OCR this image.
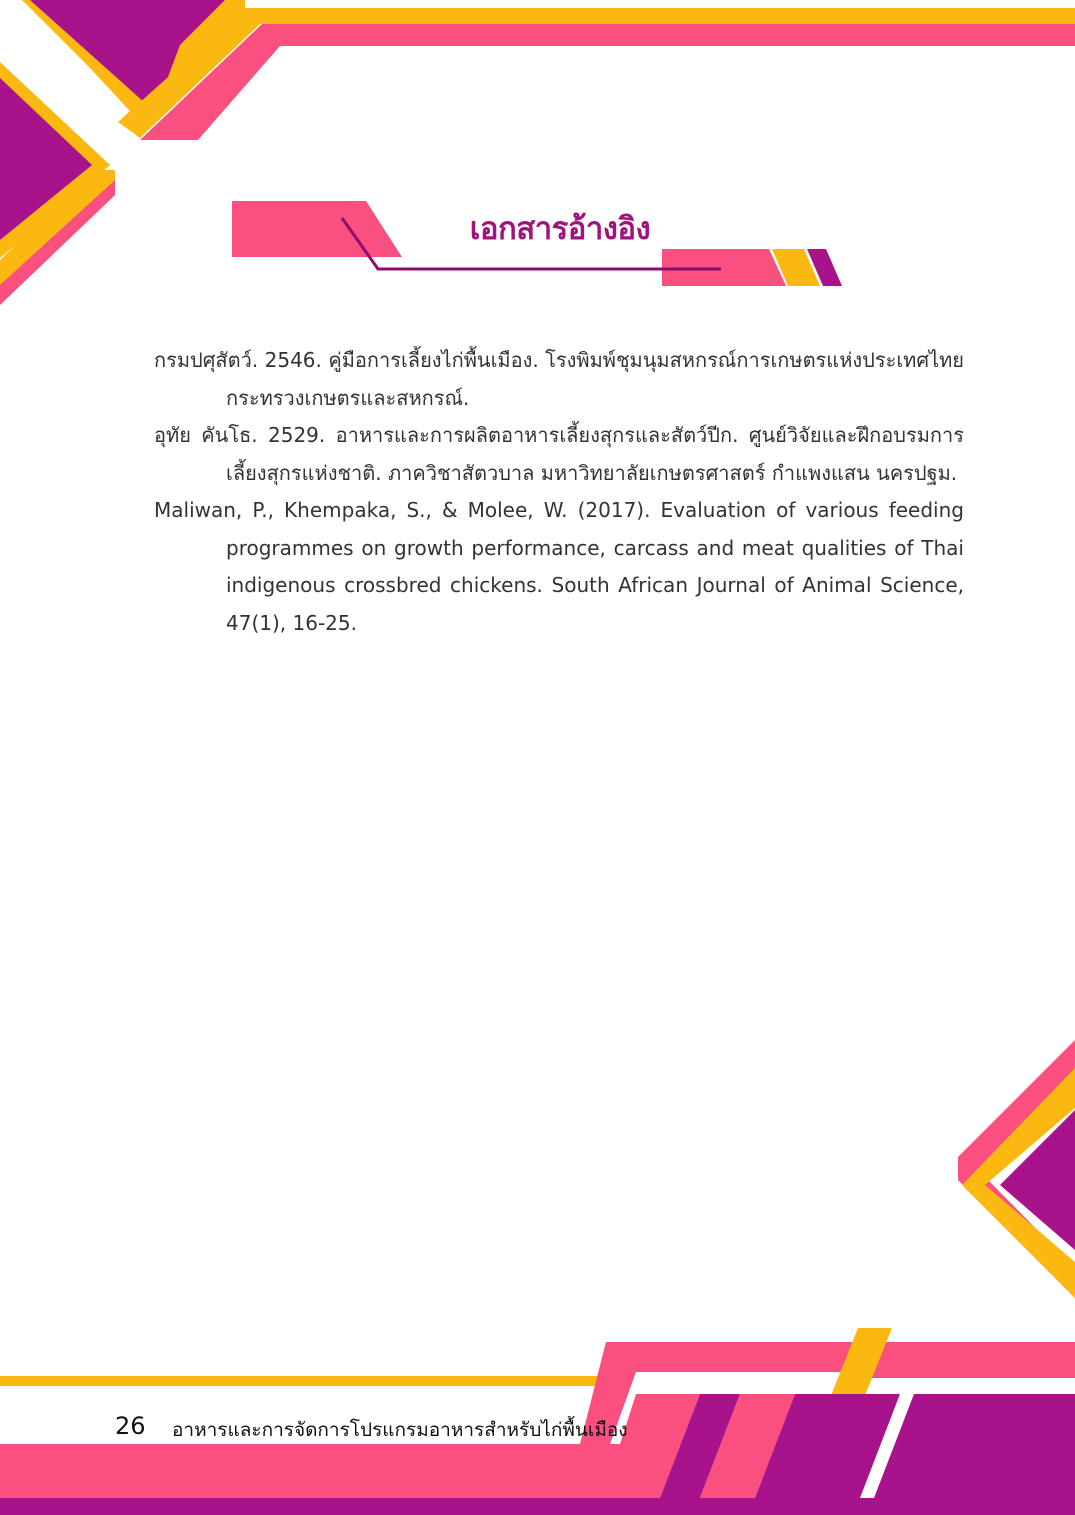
เอกสารอ้างอิง

กรมปศุสัตว์. 2546. คู่มือการเลี้ยงไก่พื้นเมือง. โรงพิมพ์ชุมนุมสหกรณ์การเกษตรแห่งประเทศไทย กระทรวงเกษตรและสหกรณ์.

อุทัย คันโธ. 2529. อาหารและการผลิตอาหารเลี้ยงสุกรและสัตว์ปีก. ศูนย์วิจัยและฝึกอบรมการเลี้ยงสุกรแห่งชาติ. ภาควิชาสัตวบาล มหาวิทยาลัยเกษตรศาสตร์ กำแพงแสน นครปฐม.

Maliwan, P., Khempaka, S., & Molee, W. (2017). Evaluation of various feeding programmes on growth performance, carcass and meat qualities of Thai indigenous crossbred chickens. South African Journal of Animal Science, 47(1), 16-25.

26 อาหารและการจัดการโปรแกรมอาหารสำหรับไก่พื้นเมือง
